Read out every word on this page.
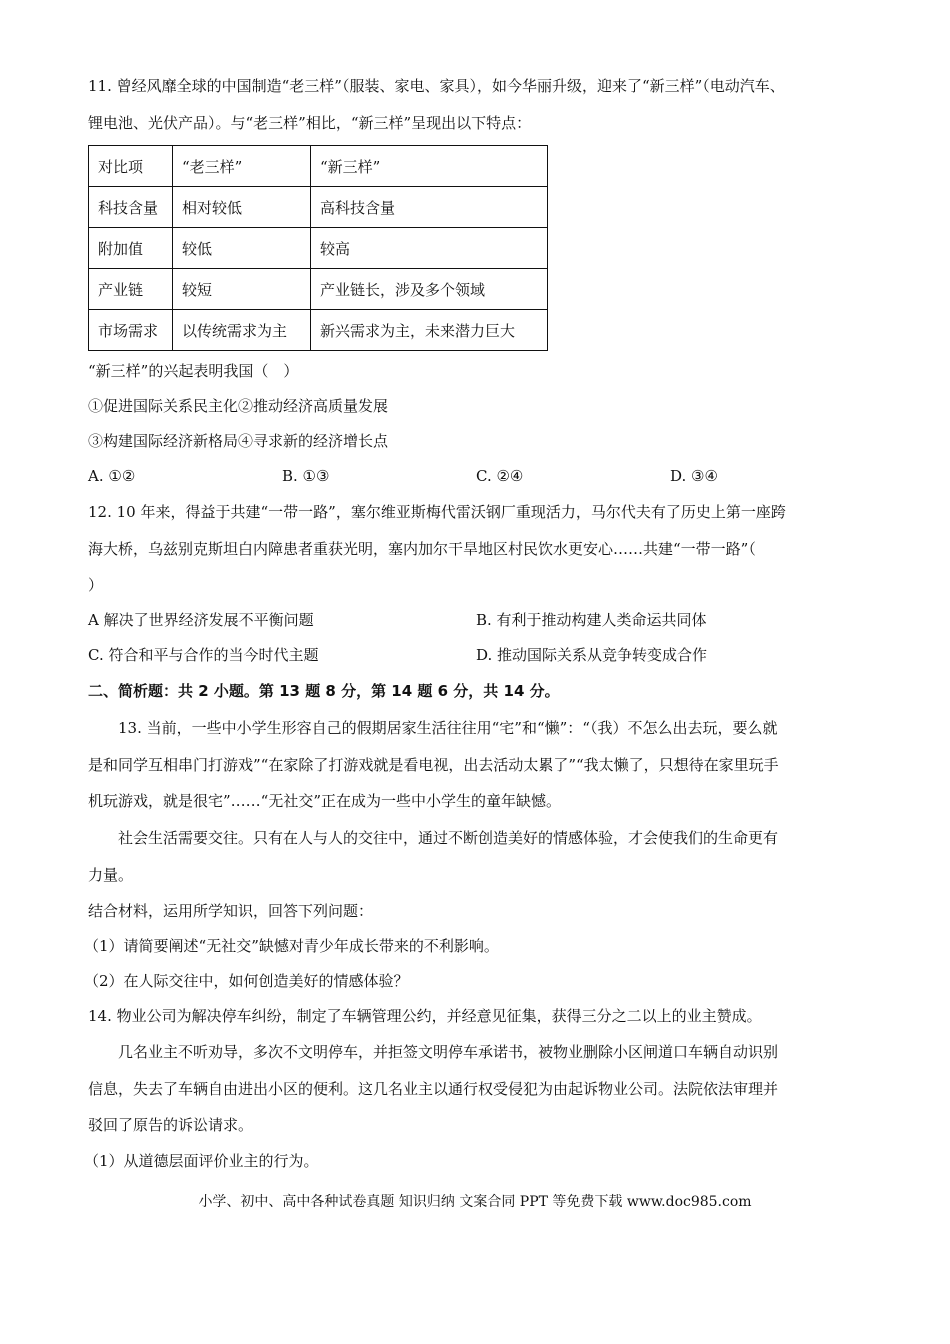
11. 曾经风靡全球的中国制造“老三样”（服装、家电、家具），如今华丽升级，迎来了“新三样”（电动汽车、
锂电池、光伏产品）。与“老三样”相比，“新三样”呈现出以下特点：
对比项	“老三样”	“新三样”
科技含量	相对较低	高科技含量
附加值	较低	较高
产业链	较短	产业链长，涉及多个领域
市场需求	以传统需求为主	新兴需求为主，未来潜力巨大
“新三样”的兴起表明我国（　）
①促进国际关系民主化②推动经济高质量发展
③构建国际经济新格局④寻求新的经济增长点
A. ①②	B. ①③	C. ②④	D. ③④
12. 10 年来，得益于共建“一带一路”，塞尔维亚斯梅代雷沃钢厂重现活力，马尔代夫有了历史上第一座跨
海大桥，乌兹别克斯坦白内障患者重获光明，塞内加尔干旱地区村民饮水更安心……共建“一带一路”（
）
A 解决了世界经济发展不平衡问题	B. 有利于推动构建人类命运共同体
C. 符合和平与合作的当今时代主题	D. 推动国际关系从竞争转变成合作
二、简析题：共 2 小题。第 13 题 8 分，第 14 题 6 分，共 14 分。
13. 当前，一些中小学生形容自己的假期居家生活往往用“宅”和“懒”：“（我）不怎么出去玩，要么就
是和同学互相串门打游戏”“在家除了打游戏就是看电视，出去活动太累了”“我太懒了，只想待在家里玩手
机玩游戏，就是很宅”……“无社交”正在成为一些中小学生的童年缺憾。
社会生活需要交往。只有在人与人的交往中，通过不断创造美好的情感体验，才会使我们的生命更有
力量。
结合材料，运用所学知识，回答下列问题：
（1）请简要阐述“无社交”缺憾对青少年成长带来的不利影响。
（2）在人际交往中，如何创造美好的情感体验？
14. 物业公司为解决停车纠纷，制定了车辆管理公约，并经意见征集，获得三分之二以上的业主赞成。
几名业主不听劝导，多次不文明停车，并拒签文明停车承诺书，被物业删除小区闸道口车辆自动识别
信息，失去了车辆自由进出小区的便利。这几名业主以通行权受侵犯为由起诉物业公司。法院依法审理并
驳回了原告的诉讼请求。
（1）从道德层面评价业主的行为。
小学、初中、高中各种试卷真题 知识归纳 文案合同 PPT 等免费下载 www.doc985.com
